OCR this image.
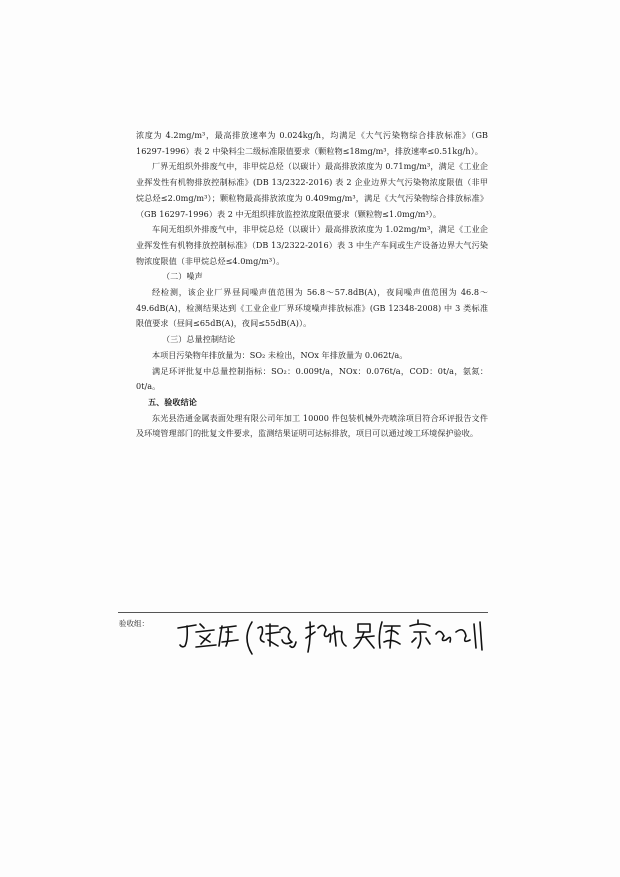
浓度为 4.2mg/m³，最高排放速率为 0.024kg/h，均满足《大气污染物综合排放标准》（GB 16297-1996）表 2 中染料尘二级标准限值要求（颗粒物≤18mg/m³，排放速率≤0.51kg/h）。

厂界无组织外排废气中，非甲烷总烃（以碳计）最高排放浓度为 0.71mg/m³，满足《工业企业挥发性有机物排放控制标准》(DB 13/2322-2016) 表 2 企业边界大气污染物浓度限值（非甲烷总烃≤2.0mg/m³）；颗粒物最高排放浓度为 0.409mg/m³，满足《大气污染物综合排放标准》（GB 16297-1996）表 2 中无组织排放监控浓度限值要求（颗粒物≤1.0mg/m³）。

车间无组织外排废气中，非甲烷总烃（以碳计）最高排放浓度为 1.02mg/m³，满足《工业企业挥发性有机物排放控制标准》（DB 13/2322-2016）表 3 中生产车间或生产设备边界大气污染物浓度限值（非甲烷总烃≤4.0mg/m³）。

（二）噪声

经检测，该企业厂界昼间噪声值范围为 56.8～57.8dB(A)，夜间噪声值范围为 46.8～49.6dB(A)，检测结果达到《工业企业厂界环境噪声排放标准》(GB 12348-2008) 中 3 类标准限值要求（昼间≤65dB(A)，夜间≤55dB(A)）。

（三）总量控制结论

本项目污染物年排放量为：SO₂ 未检出，NOx 年排放量为 0.062t/a。

满足环评批复中总量控制指标：SO₂：0.009t/a，NOx：0.076t/a，COD：0t/a，氨氮：0t/a。

五、验收结论

东光县浩通金属表面处理有限公司年加工 10000 件包装机械外壳喷涂项目符合环评报告文件及环境管理部门的批复文件要求，监测结果证明可达标排放，项目可以通过竣工环境保护验收。

验收组：
